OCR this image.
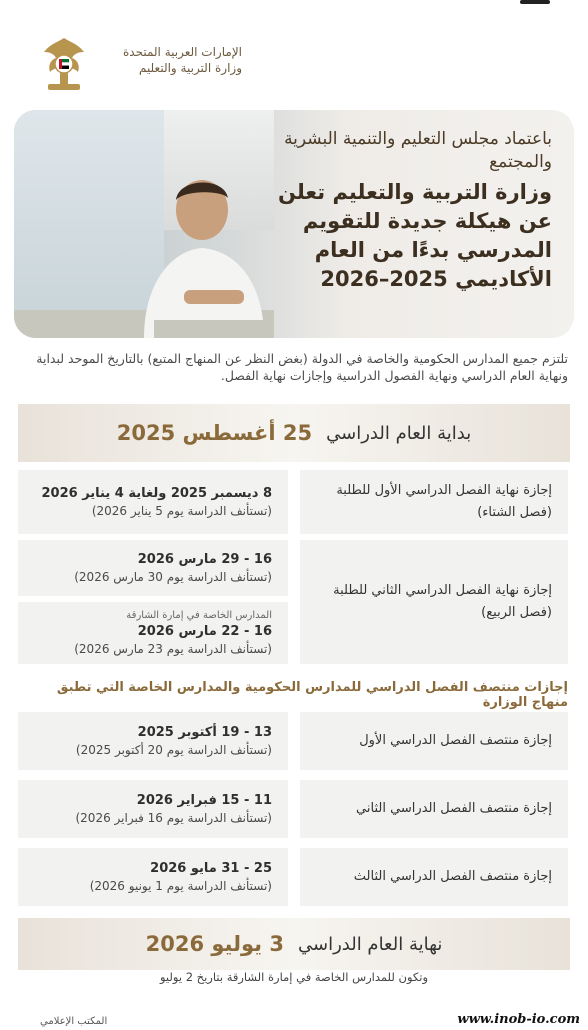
الإمارات العربية المتحدة
وزارة التربية والتعليم
باعتماد مجلس التعليم والتنمية البشرية والمجتمع
وزارة التربية والتعليم تعلن عن هيكلة جديدة للتقويم المدرسي بدءًا من العام الأكاديمي 2025–2026
تلتزم جميع المدارس الحكومية والخاصة في الدولة (بغض النظر عن المنهاج المتبع) بالتاريخ الموحد لبداية ونهاية العام الدراسي ونهاية الفصول الدراسية وإجازات نهاية الفصل.
بداية العام الدراسي
25 أغسطس 2025
إجازة نهاية الفصل الدراسي الأول للطلبة
(فصل الشتاء)
8 ديسمبر 2025 ولغاية 4 يناير 2026
(تستأنف الدراسة يوم 5 يناير 2026)
إجازة نهاية الفصل الدراسي الثاني للطلبة
(فصل الربيع)
16 - 29 مارس 2026
(تستأنف الدراسة يوم 30 مارس 2026)
المدارس الخاصة في إمارة الشارقة
16 - 22 مارس 2026
(تستأنف الدراسة يوم 23 مارس 2026)
إجازات منتصف الفصل الدراسي للمدارس الحكومية والمدارس الخاصة التي تطبق منهاج الوزارة
إجازة منتصف الفصل الدراسي الأول
13 - 19 أكتوبر 2025
(تستأنف الدراسة يوم 20 أكتوبر 2025)
إجازة منتصف الفصل الدراسي الثاني
11 - 15 فبراير 2026
(تستأنف الدراسة يوم 16 فبراير 2026)
إجازة منتصف الفصل الدراسي الثالث
25 - 31 مايو 2026
(تستأنف الدراسة يوم 1 يونيو 2026)
نهاية العام الدراسي
3 يوليو 2026
وتكون للمدارس الخاصة في إمارة الشارقة بتاريخ 2 يوليو
المكتب الإعلامي	www.inob-io.com
